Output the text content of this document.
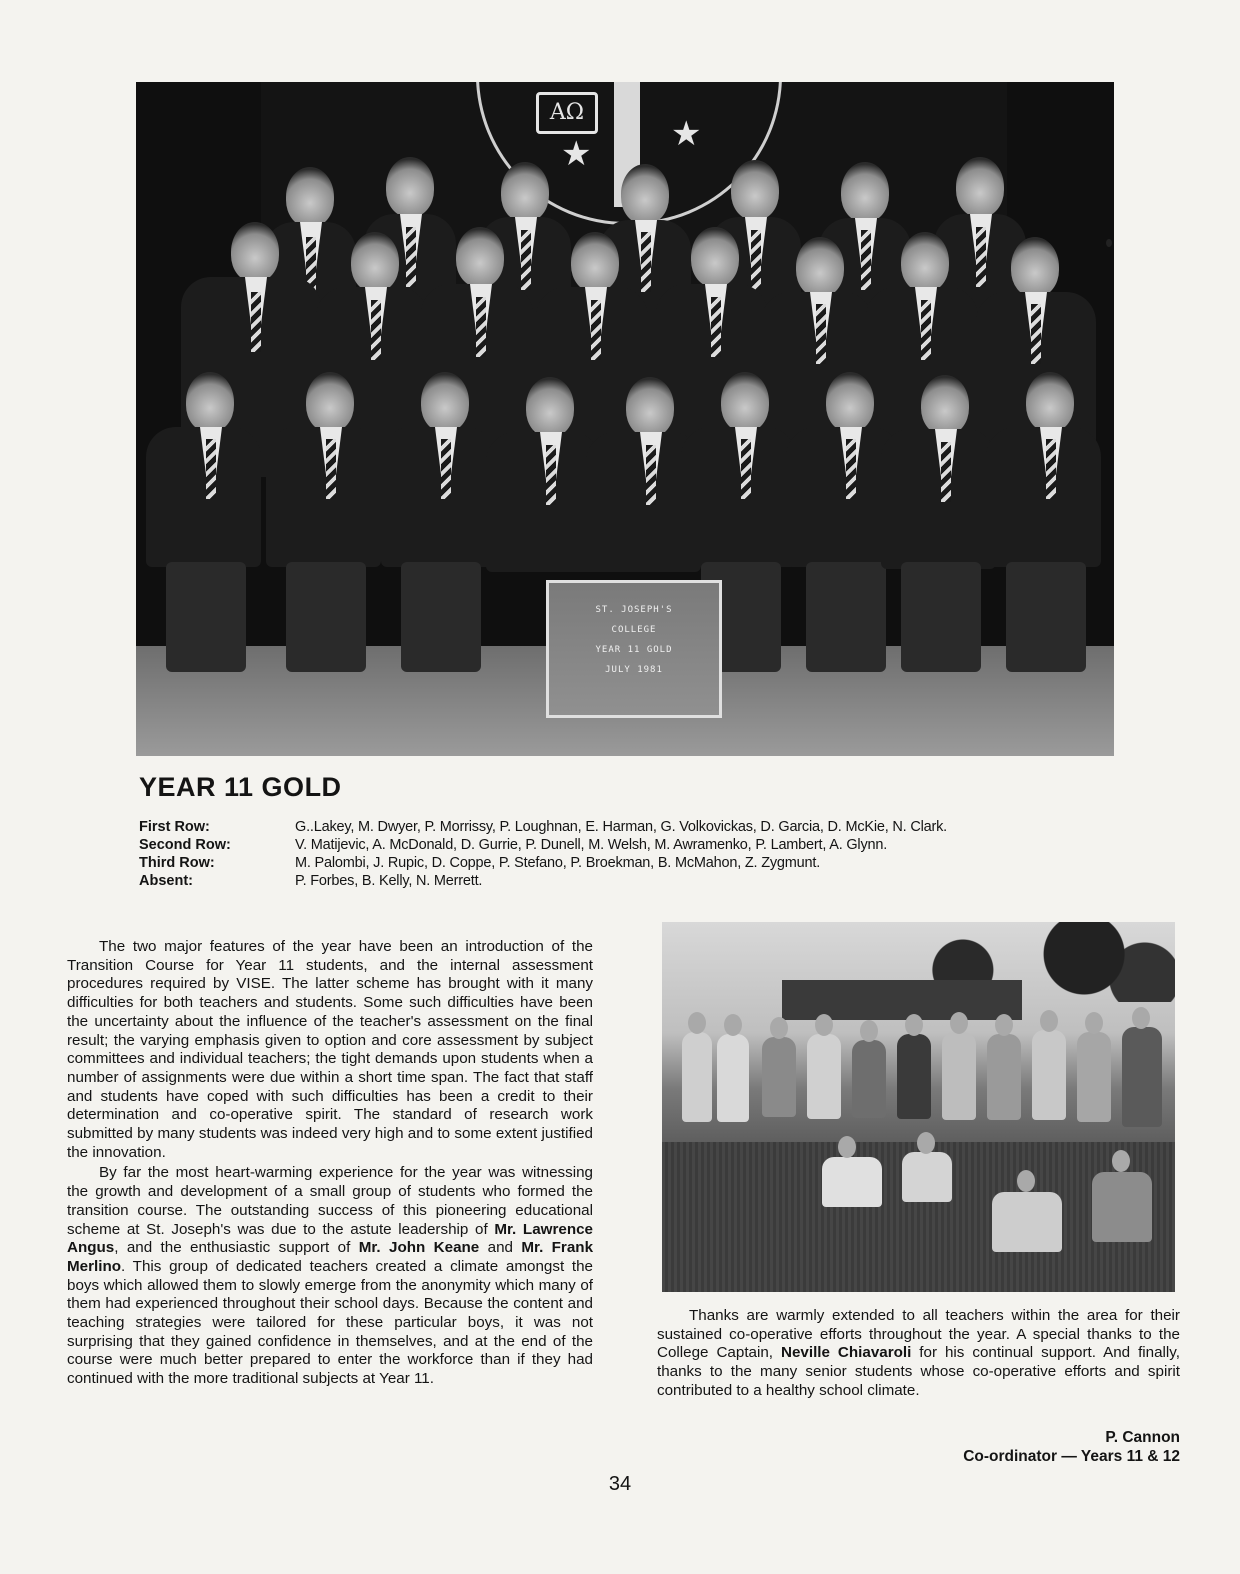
AΩ
★
★
ST. JOSEPH'S
COLLEGE
YEAR 11 GOLD
JULY 1981
YEAR 11 GOLD
First Row:	G..Lakey, M. Dwyer, P. Morrissy, P. Loughnan, E. Harman, G. Volkovickas, D. Garcia, D. McKie, N. Clark.
Second Row:	V. Matijevic, A. McDonald, D. Gurrie, P. Dunell, M. Welsh, M. Awramenko, P. Lambert, A. Glynn.
Third Row:	M. Palombi, J. Rupic, D. Coppe, P. Stefano, P. Broekman, B. McMahon, Z. Zygmunt.
Absent:	P. Forbes, B. Kelly, N. Merrett.

The two major features of the year have been an introduction of the Transition Course for Year 11 students, and the internal assessment procedures required by VISE. The latter scheme has brought with it many difficulties for both teachers and students. Some such difficulties have been the uncertainty about the influence of the teacher's assessment on the final result; the varying emphasis given to option and core assessment by subject committees and individual teachers; the tight demands upon students when a number of assignments were due within a short time span. The fact that staff and students have coped with such difficulties has been a credit to their determination and co-operative spirit. The standard of research work submitted by many students was indeed very high and to some extent justified the innovation.

By far the most heart-warming experience for the year was witnessing the growth and development of a small group of students who formed the transition course. The outstanding success of this pioneering educational scheme at St. Joseph's was due to the astute leadership of Mr. Lawrence Angus, and the enthusiastic support of Mr. John Keane and Mr. Frank Merlino. This group of dedicated teachers created a climate amongst the boys which allowed them to slowly emerge from the anonymity which many of them had experienced throughout their school days. Because the content and teaching strategies were tailored for these particular boys, it was not surprising that they gained confidence in themselves, and at the end of the course were much better prepared to enter the workforce than if they had continued with the more traditional subjects at Year 11.

Thanks are warmly extended to all teachers within the area for their sustained co-operative efforts throughout the year. A special thanks to the College Captain, Neville Chiavaroli for his continual support. And finally, thanks to the many senior students whose co-operative efforts and spirit contributed to a healthy school climate.

P. Cannon
Co-ordinator — Years 11 & 12
34
